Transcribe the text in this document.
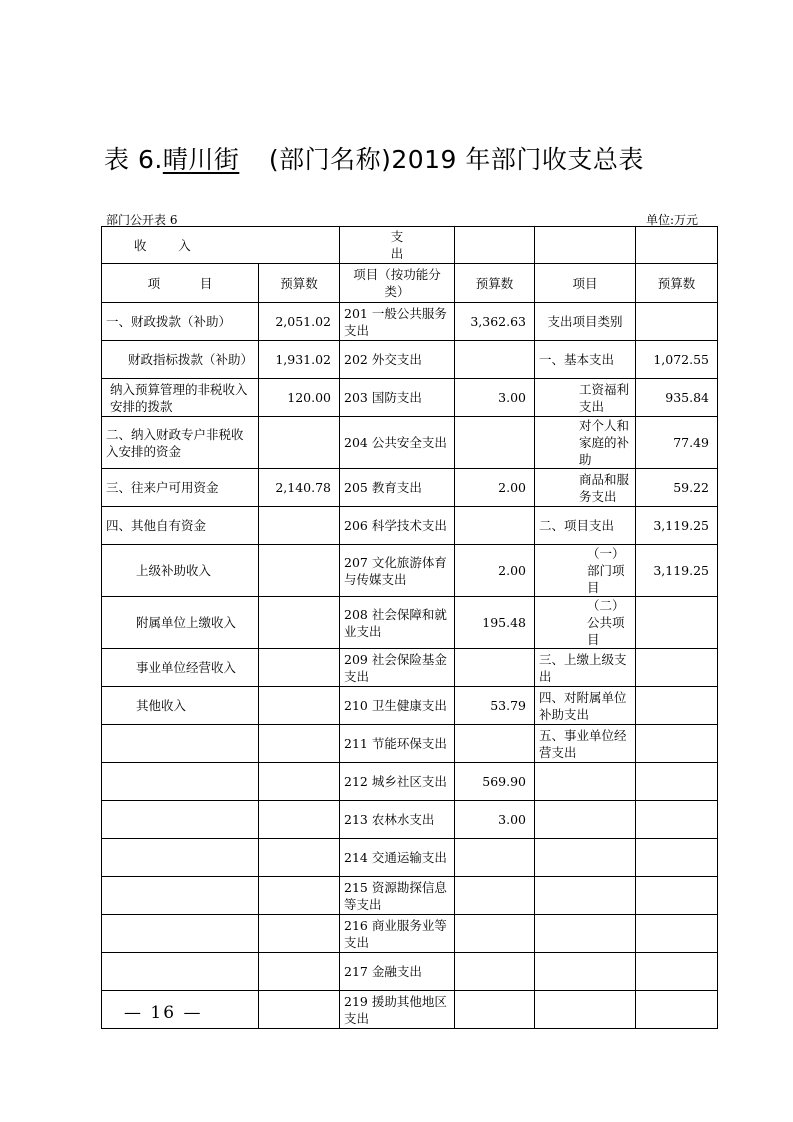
表 6.晴川街 (部门名称)2019 年部门收支总表
部门公开表 6	单位:万元
收        入		支
出			

项          目	预算数	项目（按功能分类）	预算数	项目	预算数
一、财政拨款（补助）	2,051.02	201 一般公共服务支出	3,362.63	支出项目类别	
财政指标拨款（补助）	1,931.02	202 外交支出		一、基本支出	1,072.55
纳入预算管理的非税收入安排的拨款	120.00	203 国防支出	3.00	工资福利支出	935.84
二、纳入财政专户非税收入安排的资金		204 公共安全支出		对个人和家庭的补助	77.49
三、往来户可用资金	2,140.78	205 教育支出	2.00	商品和服务支出	59.22
四、其他自有资金		206 科学技术支出		二、项目支出	3,119.25
上级补助收入		207 文化旅游体育与传媒支出	2.00	（一）部门项目	3,119.25
附属单位上缴收入		208 社会保障和就业支出	195.48	（二）公共项目	
事业单位经营收入		209 社会保险基金支出		三、上缴上级支出	
其他收入		210 卫生健康支出	53.79	四、对附属单位补助支出	
		211 节能环保支出		五、事业单位经营支出	
		212 城乡社区支出	569.90		
		213 农林水支出	3.00		
		214 交通运输支出			
		215 资源勘探信息等支出			
		216 商业服务业等支出			
		217 金融支出			
		219 援助其他地区支出			
— 16 —
